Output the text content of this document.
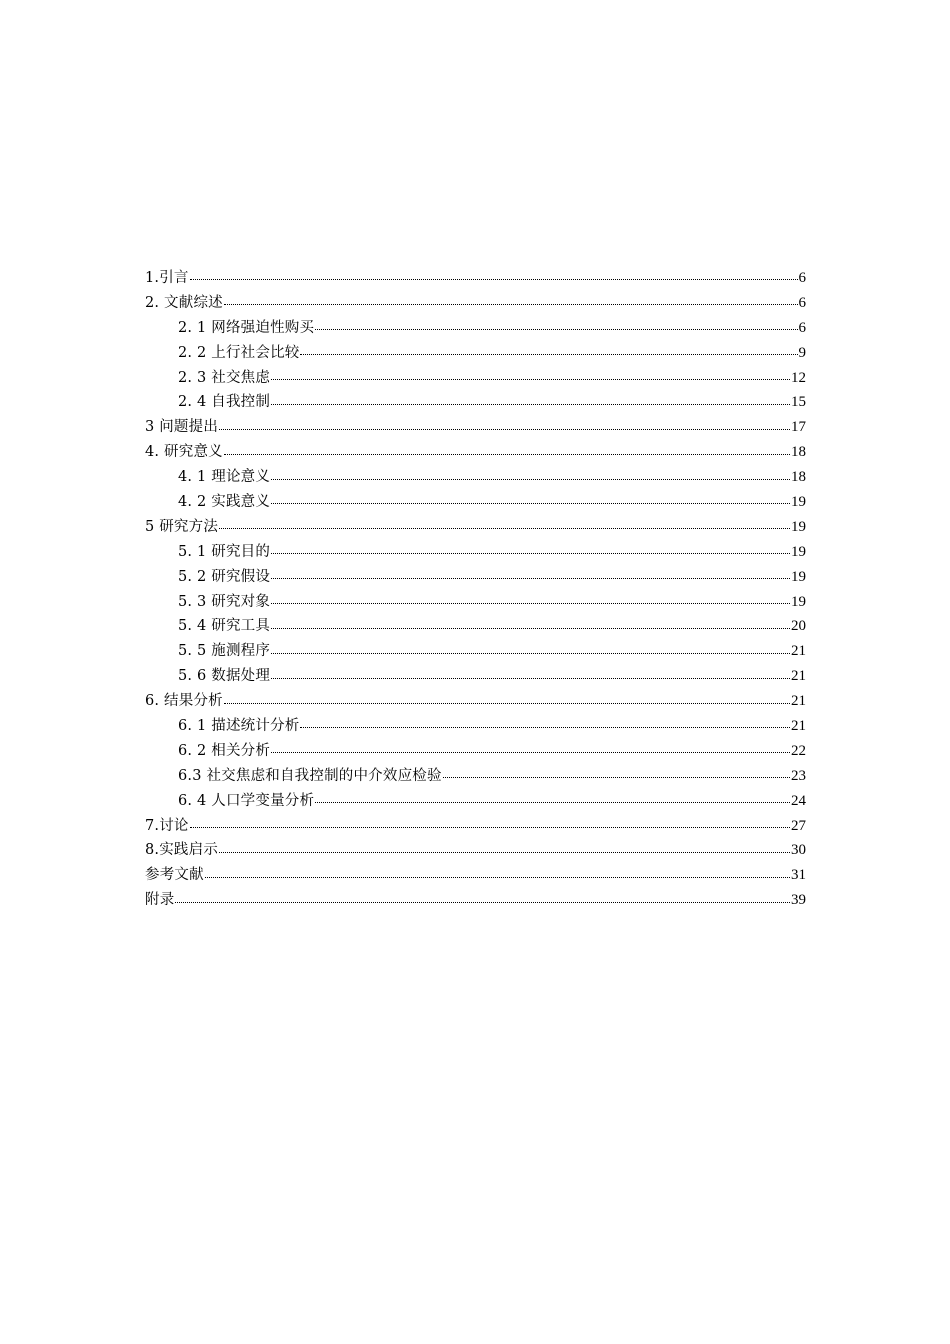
1.引言	6
2. 文献综述	6
2. 1 网络强迫性购买	6
2. 2 上行社会比较	9
2. 3 社交焦虑	12
2. 4 自我控制	15
3 问题提出	17
4. 研究意义	18
4. 1 理论意义	18
4. 2 实践意义	19
5 研究方法	19
5. 1 研究目的	19
5. 2 研究假设	19
5. 3 研究对象	19
5. 4 研究工具	20
5. 5 施测程序	21
5. 6 数据处理	21
6. 结果分析	21
6. 1 描述统计分析	21
6. 2 相关分析	22
6.3 社交焦虑和自我控制的中介效应检验	23
6. 4 人口学变量分析	24
7.讨论	27
8.实践启示	30
参考文献	31
附录	39
